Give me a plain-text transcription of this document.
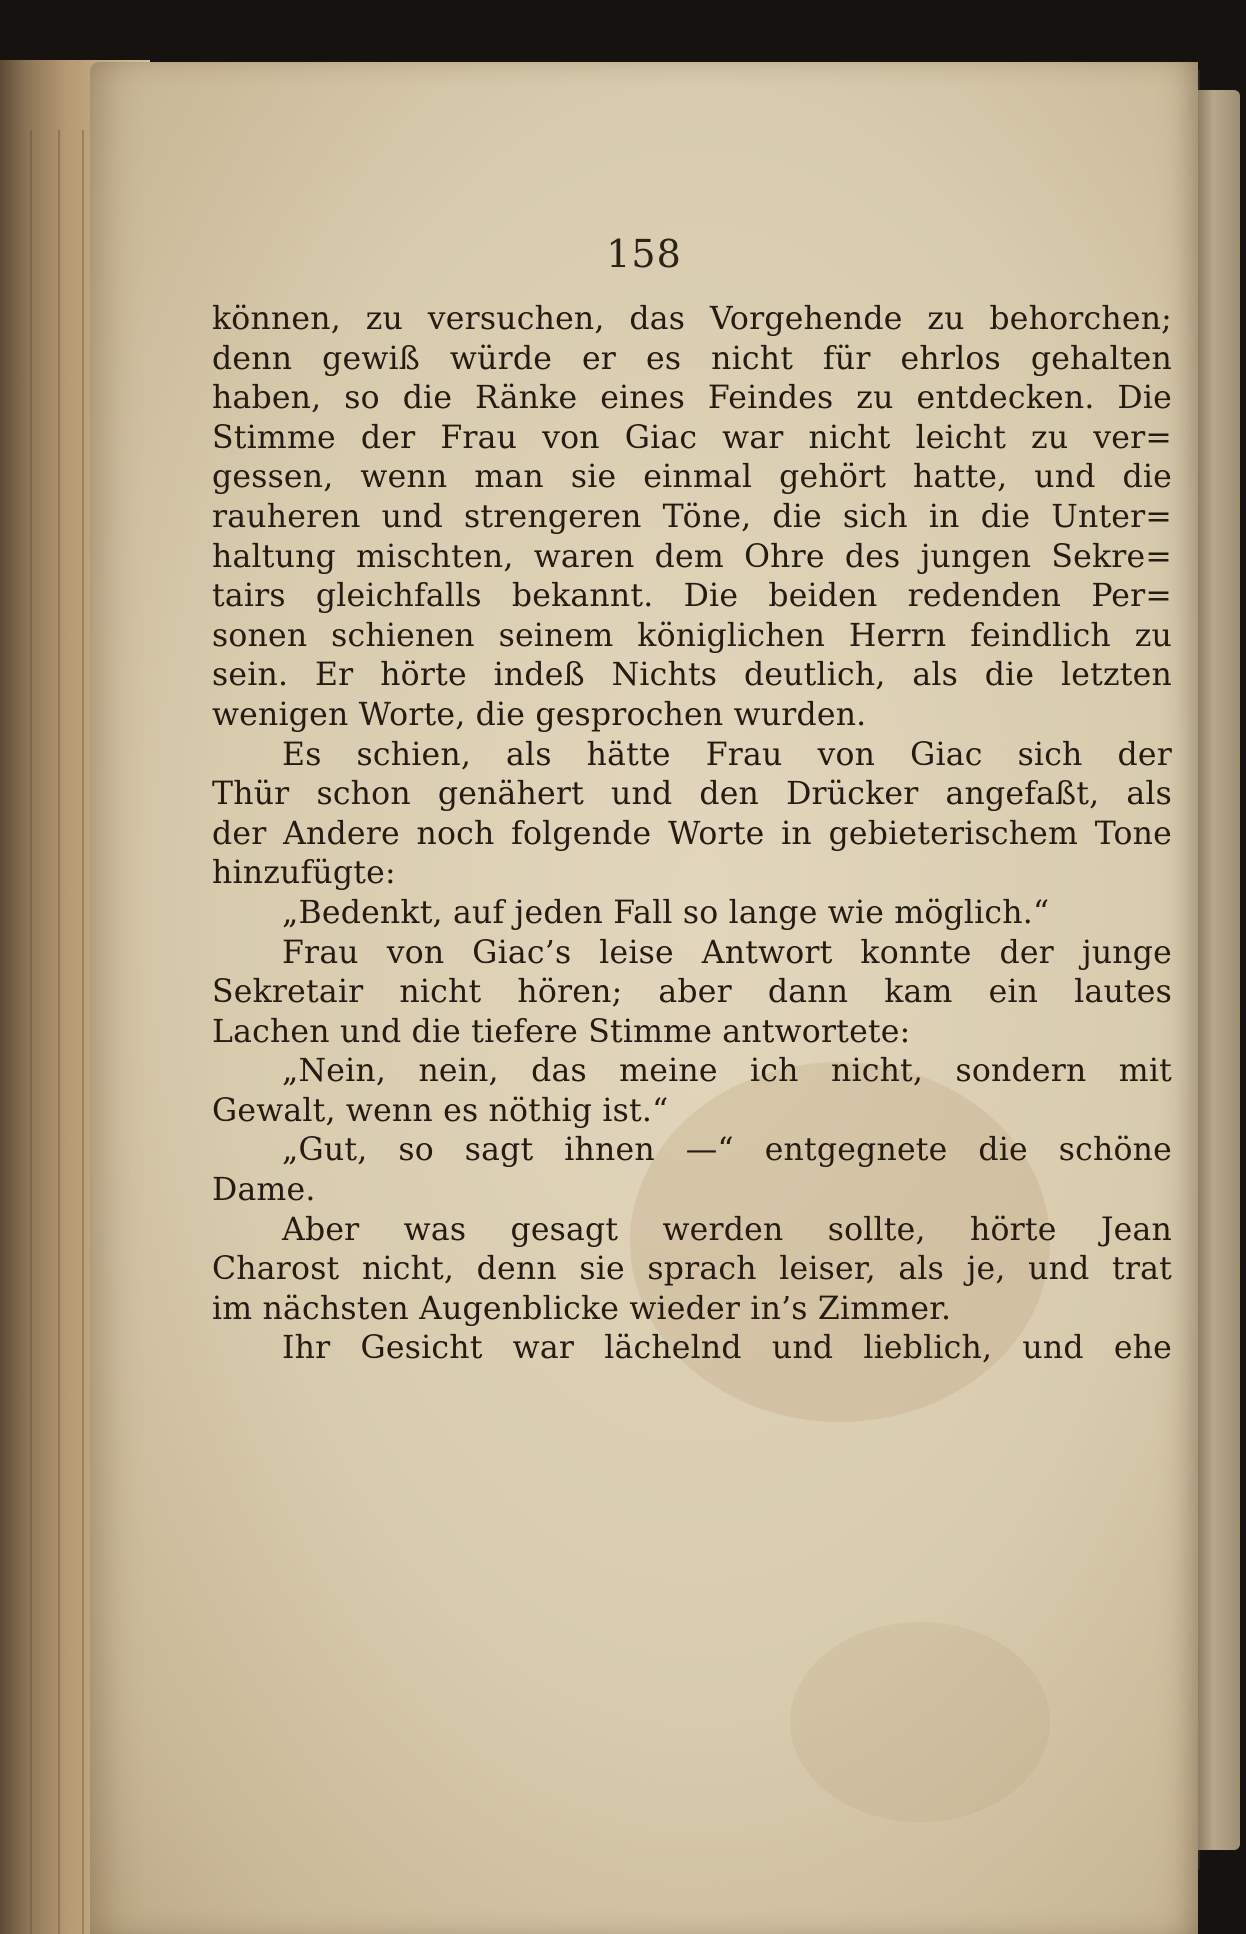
158
können, zu versuchen, das Vorgehende zu behorchen;
denn gewiß würde er es nicht für ehrlos gehalten
haben, so die Ränke eines Feindes zu entdecken. Die
Stimme der Frau von Giac war nicht leicht zu ver=
gessen, wenn man sie einmal gehört hatte, und die
rauheren und strengeren Töne, die sich in die Unter=
haltung mischten, waren dem Ohre des jungen Sekre=
tairs gleichfalls bekannt. Die beiden redenden Per=
sonen schienen seinem königlichen Herrn feindlich zu
sein. Er hörte indeß Nichts deutlich, als die letzten
wenigen Worte, die gesprochen wurden.
Es schien, als hätte Frau von Giac sich der
Thür schon genähert und den Drücker angefaßt, als
der Andere noch folgende Worte in gebieterischem Tone
hinzufügte:
„Bedenkt, auf jeden Fall so lange wie möglich.“
Frau von Giac’s leise Antwort konnte der junge
Sekretair nicht hören; aber dann kam ein lautes
Lachen und die tiefere Stimme antwortete:
„Nein, nein, das meine ich nicht, sondern mit
Gewalt, wenn es nöthig ist.“
„Gut, so sagt ihnen —“ entgegnete die schöne
Dame.
Aber was gesagt werden sollte, hörte Jean
Charost nicht, denn sie sprach leiser, als je, und trat
im nächsten Augenblicke wieder in’s Zimmer.
Ihr Gesicht war lächelnd und lieblich, und ehe
